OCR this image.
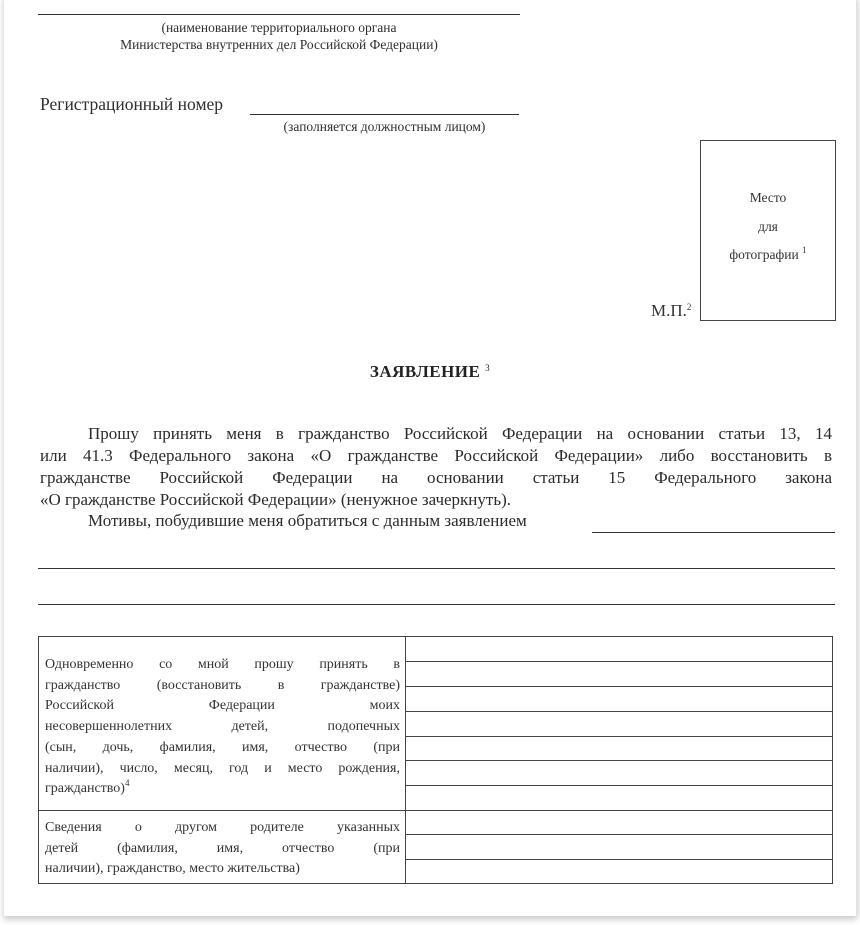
(наименование территориального органа
Министерства внутренних дел Российской Федерации)
Регистрационный номер
(заполняется должностным лицом)
Место
для
фотографии $^1$
М.П.$^2$
ЗАЯВЛЕНИЕ $^3$
Прошу принять меня в гражданство Российской Федерации на основании статьи 13, 14
или 41.3 Федерального закона «О гражданстве Российской Федерации» либо восстановить в
гражданстве Российской Федерации на основании статьи 15 Федерального закона
«О гражданстве Российской Федерации» (ненужное зачеркнуть).
Мотивы, побудившие меня обратиться с данным заявлением
Одновременно со мной прошу принять в
гражданство (восстановить в гражданстве)
Российской Федерации моих
несовершеннолетних детей, подопечных
(сын, дочь, фамилия, имя, отчество (при
наличии), число, месяц, год и место рождения,
гражданство)$^4$
Сведения о другом родителе указанных
детей (фамилия, имя, отчество (при
наличии), гражданство, место жительства)
